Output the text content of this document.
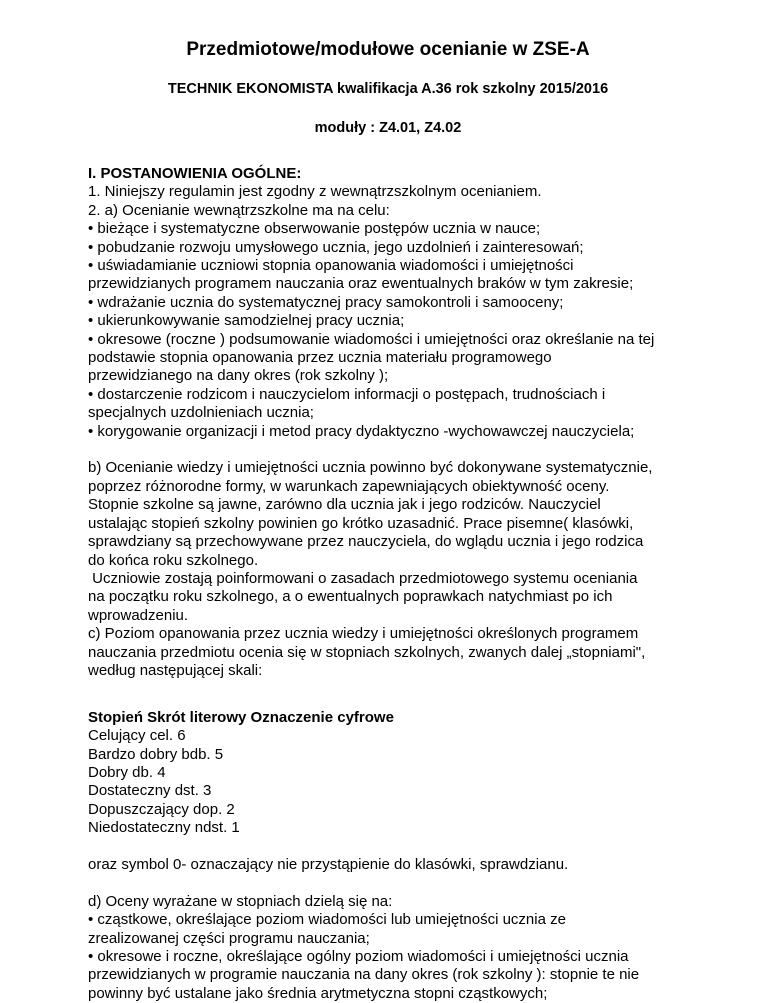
Przedmiotowe/modułowe ocenianie w ZSE-A
TECHNIK EKONOMISTA kwalifikacja A.36 rok szkolny 2015/2016
moduły : Z4.01, Z4.02

I. POSTANOWIENIA OGÓLNE:

1. Niniejszy regulamin jest zgodny z wewnątrzszkolnym ocenianiem.

2. a) Ocenianie wewnątrzszkolne ma na celu:

• bieżące i systematyczne obserwowanie postępów ucznia w nauce;

• pobudzanie rozwoju umysłowego ucznia, jego uzdolnień i zainteresowań;

• uświadamianie uczniowi stopnia opanowania wiadomości i umiejętności

przewidzianych programem nauczania oraz ewentualnych braków w tym zakresie;

• wdrażanie ucznia do systematycznej pracy samokontroli i samooceny;

• ukierunkowywanie samodzielnej pracy ucznia;

• okresowe (roczne ) podsumowanie wiadomości i umiejętności oraz określanie na tej

podstawie stopnia opanowania przez ucznia materiału programowego

przewidzianego na dany okres (rok szkolny );

• dostarczenie rodzicom i nauczycielom informacji o postępach, trudnościach i

specjalnych uzdolnieniach ucznia;

• korygowanie organizacji i metod pracy dydaktyczno -wychowawczej nauczyciela;

b) Ocenianie wiedzy i umiejętności ucznia powinno być dokonywane systematycznie,

poprzez różnorodne formy, w warunkach zapewniających obiektywność oceny.

Stopnie szkolne są jawne, zarówno dla ucznia jak i jego rodziców. Nauczyciel

ustalając stopień szkolny powinien go krótko uzasadnić. Prace pisemne( klasówki,

sprawdziany są przechowywane przez nauczyciela, do wglądu ucznia i jego rodzica

do końca roku szkolnego.

Uczniowie zostają poinformowani o zasadach przedmiotowego systemu oceniania

na początku roku szkolnego, a o ewentualnych poprawkach natychmiast po ich

wprowadzeniu.

c) Poziom opanowania przez ucznia wiedzy i umiejętności określonych programem

nauczania przedmiotu ocenia się w stopniach szkolnych, zwanych dalej „stopniami",

według następującej skali:

Stopień Skrót literowy Oznaczenie cyfrowe

Celujący cel. 6

Bardzo dobry bdb. 5

Dobry db. 4

Dostateczny dst. 3

Dopuszczający dop. 2

Niedostateczny ndst. 1

oraz symbol 0- oznaczający nie przystąpienie do klasówki, sprawdzianu.

d) Oceny wyrażane w stopniach dzielą się na:

• cząstkowe, określające poziom wiadomości lub umiejętności ucznia ze

zrealizowanej części programu nauczania;

• okresowe i roczne, określające ogólny poziom wiadomości i umiejętności ucznia

przewidzianych w programie nauczania na dany okres (rok szkolny ): stopnie te nie

powinny być ustalane jako średnia arytmetyczna stopni cząstkowych;
